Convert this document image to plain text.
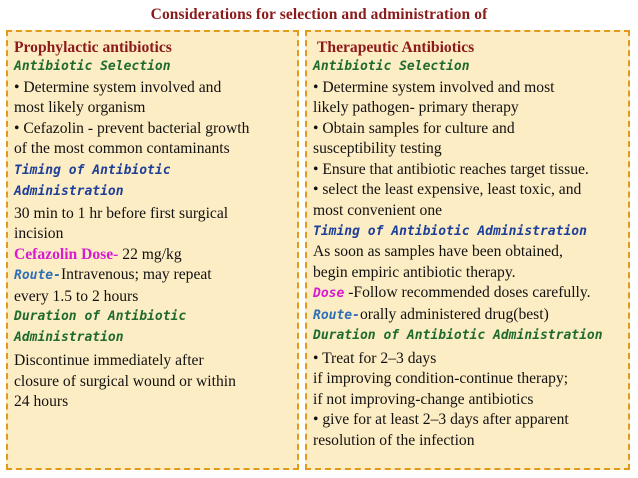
Considerations for selection and administration of
Prophylactic antibiotics
Antibiotic Selection
• Determine system involved and
most likely organism
• Cefazolin - prevent bacterial growth
of the most common contaminants
Timing of Antibiotic
Administration
30 min to 1 hr before first surgical
incision
Cefazolin Dose- 22 mg/kg
Route-Intravenous; may repeat
every 1.5 to 2 hours
Duration of Antibiotic
Administration
Discontinue immediately after
closure of surgical wound or within
24 hours
Therapeutic Antibiotics
Antibiotic Selection
• Determine system involved and most
likely pathogen- primary therapy
• Obtain samples for culture and
susceptibility testing
• Ensure that antibiotic reaches target tissue.
• select the least expensive, least toxic, and
most convenient one
Timing of Antibiotic Administration
As soon as samples have been obtained,
begin empiric antibiotic therapy.
Dose -Follow recommended doses carefully.
Route-orally administered drug(best)
Duration of Antibiotic Administration
• Treat for 2–3 days
if improving condition-continue therapy;
if not improving-change antibiotics
• give for at least 2–3 days after apparent
resolution of the infection
